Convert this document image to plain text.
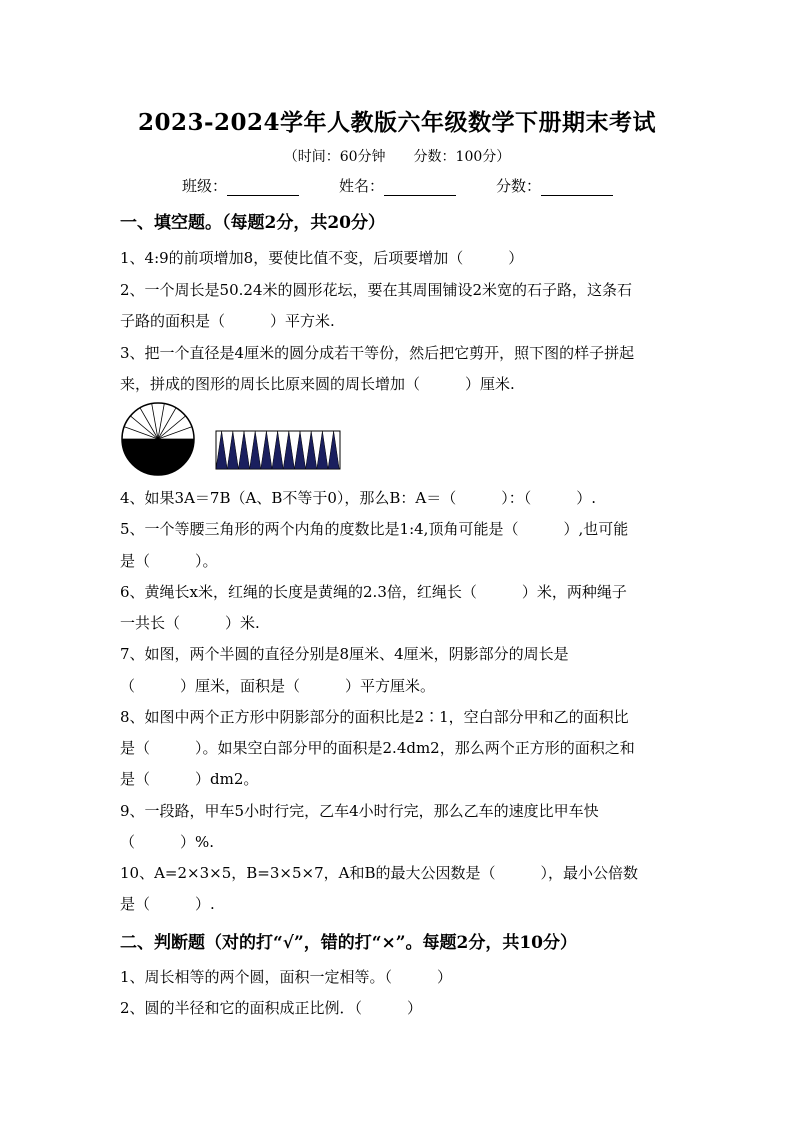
2023-2024学年人教版六年级数学下册期末考试
（时间：60分钟　　分数：100分）
班级：	姓名：	分数：
一、填空题。（每题2分，共20分）
1、4:9的前项增加8，要使比值不变，后项要增加（　　　）
2、一个周长是50.24米的圆形花坛，要在其周围铺设2米宽的石子路，这条石
子路的面积是（　　　）平方米.
3、把一个直径是4厘米的圆分成若干等份，然后把它剪开，照下图的样子拼起
来，拼成的图形的周长比原来圆的周长增加（　　　）厘米.
4、如果3A＝7B（A、B不等于0），那么B：A＝（　　　）：（　　　）.
5、一个等腰三角形的两个内角的度数比是1:4,顶角可能是（　　　）,也可能
是（　　　）。
6、黄绳长x米，红绳的长度是黄绳的2.3倍，红绳长（　　　）米，两种绳子
一共长（　　　）米.
7、如图，两个半圆的直径分别是8厘米、4厘米，阴影部分的周长是
（　　　）厘米，面积是（　　　）平方厘米。
8、如图中两个正方形中阴影部分的面积比是2∶1，空白部分甲和乙的面积比
是（　　　）。如果空白部分甲的面积是2.4dm2，那么两个正方形的面积之和
是（　　　）dm2。
9、一段路，甲车5小时行完，乙车4小时行完，那么乙车的速度比甲车快
（　　　）%.
10、A=2×3×5，B=3×5×7，A和B的最大公因数是（　　　），最小公倍数
是（　　　）.
二、判断题（对的打“√”，错的打“×”。每题2分，共10分）
1、周长相等的两个圆，面积一定相等。（　　　）
2、圆的半径和它的面积成正比例．（　　　）
